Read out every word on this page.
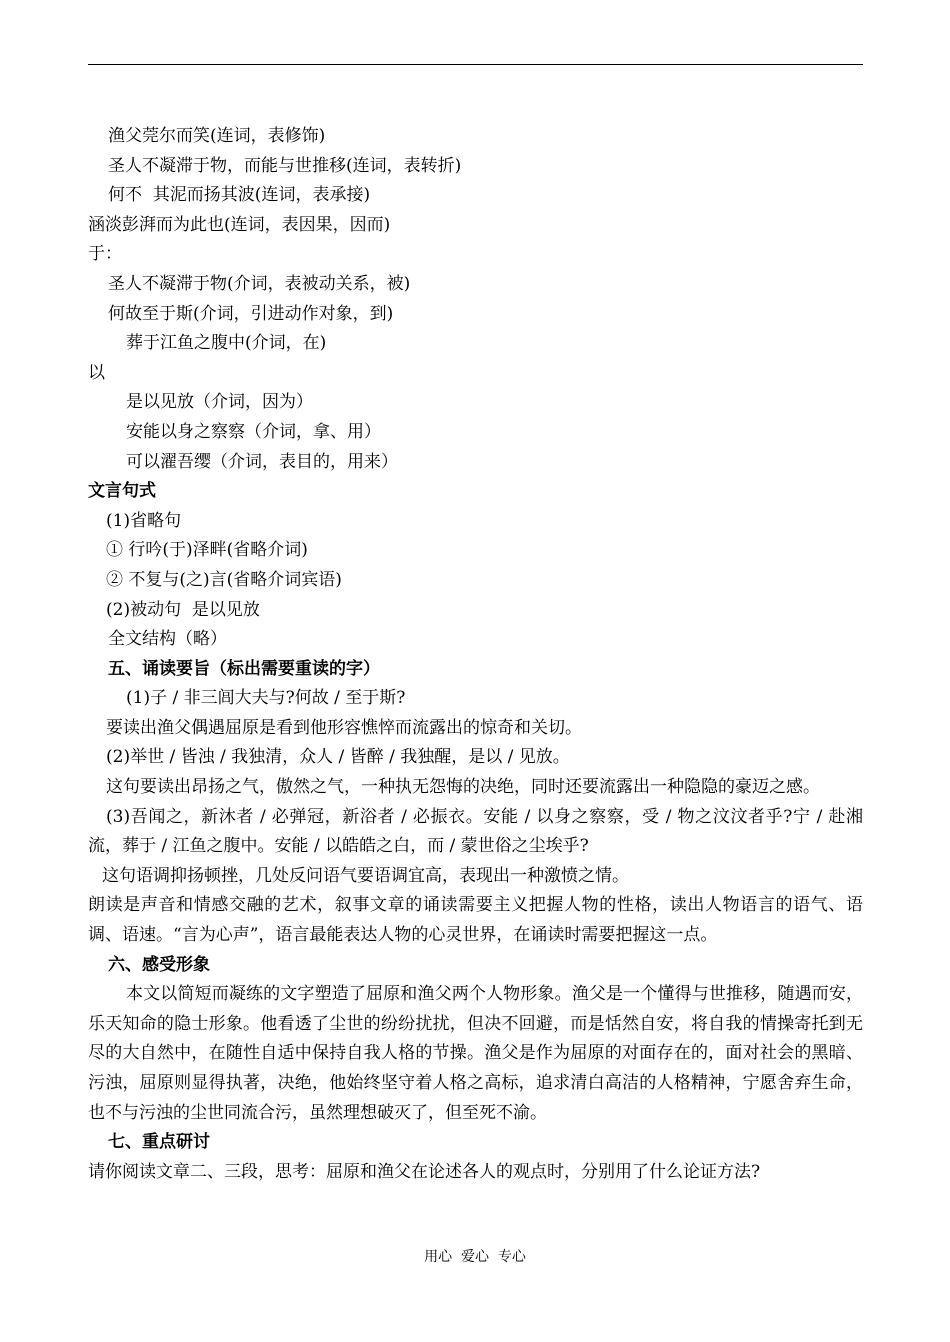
渔父莞尔而笑(连词，表修饰)
圣人不凝滞于物，而能与世推移(连词，表转折)
何不  其泥而扬其波(连词，表承接)
涵淡彭湃而为此也(连词，表因果，因而)
于：
圣人不凝滞于物(介词，表被动关系，被)
何故至于斯(介词，引进动作对象，到)
葬于江鱼之腹中(介词，在)
以
是以见放（介词，因为）
安能以身之察察（介词，拿、用）
可以濯吾缨（介词，表目的，用来）
文言句式
(1)省略句
① 行吟(于)泽畔(省略介词)
② 不复与(之)言(省略介词宾语)
(2)被动句  是以见放
全文结构（略）
五、诵读要旨（标出需要重读的字）
(1)子 / 非三闾大夫与?何故 / 至于斯?
要读出渔父偶遇屈原是看到他形容憔悴而流露出的惊奇和关切。
(2)举世 / 皆浊 / 我独清，众人 / 皆醉 / 我独醒，是以 / 见放。
这句要读出昂扬之气，傲然之气，一种执无怨悔的决绝，同时还要流露出一种隐隐的豪迈之感。
(3)吾闻之，新沐者 / 必弹冠，新浴者 / 必振衣。安能 / 以身之察察，受 / 物之汶汶者乎?宁 / 赴湘流，葬于 / 江鱼之腹中。安能 / 以皓皓之白，而 / 蒙世俗之尘埃乎?
这句语调抑扬顿挫，几处反问语气要语调宜高，表现出一种激愤之情。
朗读是声音和情感交融的艺术，叙事文章的诵读需要主义把握人物的性格，读出人物语言的语气、语调、语速。“言为心声”，语言最能表达人物的心灵世界，在诵读时需要把握这一点。
六、感受形象
本文以简短而凝练的文字塑造了屈原和渔父两个人物形象。渔父是一个懂得与世推移，随遇而安，乐天知命的隐士形象。他看透了尘世的纷纷扰扰，但决不回避，而是恬然自安，将自我的情操寄托到无尽的大自然中，在随性自适中保持自我人格的节操。渔父是作为屈原的对面存在的，面对社会的黑暗、污浊，屈原则显得执著，决绝，他始终坚守着人格之高标，追求清白高洁的人格精神，宁愿舍弃生命，也不与污浊的尘世同流合污，虽然理想破灭了，但至死不渝。
七、重点研讨
请你阅读文章二、三段，思考：屈原和渔父在论述各人的观点时，分别用了什么论证方法?
用心  爱心  专心
